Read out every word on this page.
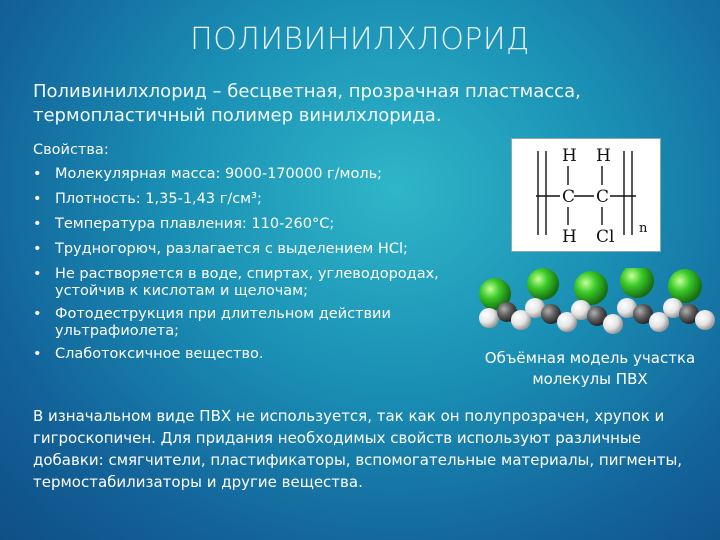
ПОЛИВИНИЛХЛОРИД
Поливинилхлорид – бесцветная, прозрачная пластмасса, термопластичный полимер винилхлорида.
Свойства:
• Молекулярная масса: 9000-170000 г/моль;
• Плотность: 1,35-1,43 г/см³;
• Температура плавления: 110-260°С;
• Трудногорюч, разлагается с выделением HCl;
• Не растворяется в воде, спиртах, углеводородах, устойчив к кислотам и щелочам;
• Фотодеструкция при длительном действии ультрафиолета;
• Слаботоксичное вещество.
H H
C C
H Cl n
Объёмная модель участка молекулы ПВХ
В изначальном виде ПВХ не используется, так как он полупрозрачен, хрупок и гигроскопичен. Для придания необходимых свойств используют различные добавки: смягчители, пластификаторы, вспомогательные материалы, пигменты, термостабилизаторы и другие вещества.
